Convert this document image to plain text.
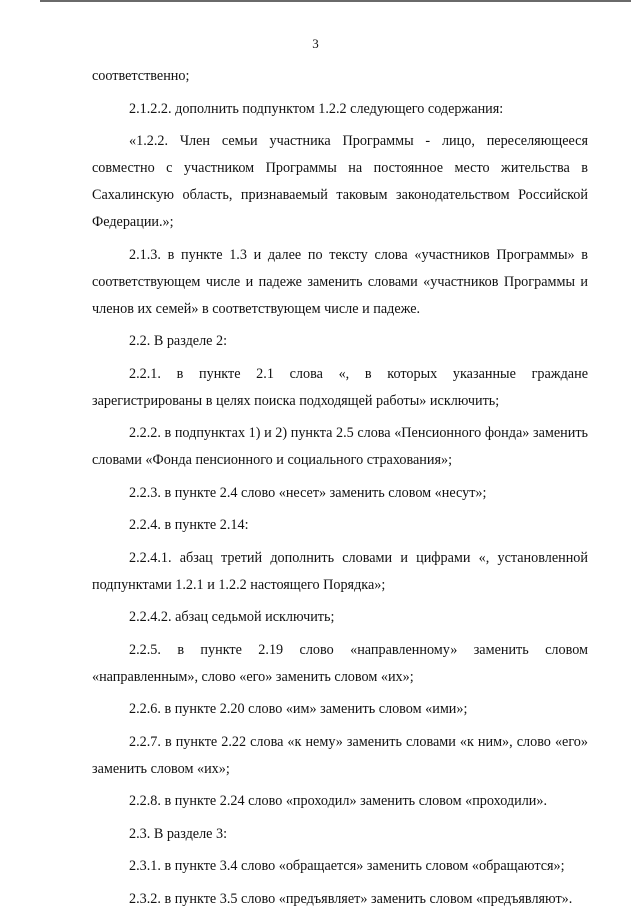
3

соответственно;

2.1.2.2. дополнить подпунктом 1.2.2 следующего содержания:

«1.2.2. Член семьи участника Программы - лицо, переселяющееся совместно с участником Программы на постоянное место жительства в Сахалинскую область, признаваемый таковым законодательством Российской Федерации.»;

2.1.3. в пункте 1.3 и далее по тексту слова «участников Программы» в соответствующем числе и падеже заменить словами «участников Программы и членов их семей» в соответствующем числе и падеже.

2.2. В разделе 2:

2.2.1. в пункте 2.1 слова «, в которых указанные граждане зарегистрированы в целях поиска подходящей работы» исключить;

2.2.2. в подпунктах 1) и 2) пункта 2.5 слова «Пенсионного фонда» заменить словами «Фонда пенсионного и социального страхования»;

2.2.3. в пункте 2.4 слово «несет» заменить словом «несут»;

2.2.4. в пункте 2.14:

2.2.4.1. абзац третий дополнить словами и цифрами «, установленной подпунктами 1.2.1 и 1.2.2 настоящего Порядка»;

2.2.4.2. абзац седьмой исключить;

2.2.5. в пункте 2.19 слово «направленному» заменить словом «направленным», слово «его» заменить словом «их»;

2.2.6. в пункте 2.20 слово «им» заменить словом «ими»;

2.2.7. в пункте 2.22 слова «к нему» заменить словами «к ним», слово «его» заменить словом «их»;

2.2.8. в пункте 2.24 слово «проходил» заменить словом «проходили».

2.3. В разделе 3:

2.3.1. в пункте 3.4 слово «обращается» заменить словом «обращаются»;

2.3.2. в пункте 3.5 слово «предъявляет» заменить словом «предъявляют».
